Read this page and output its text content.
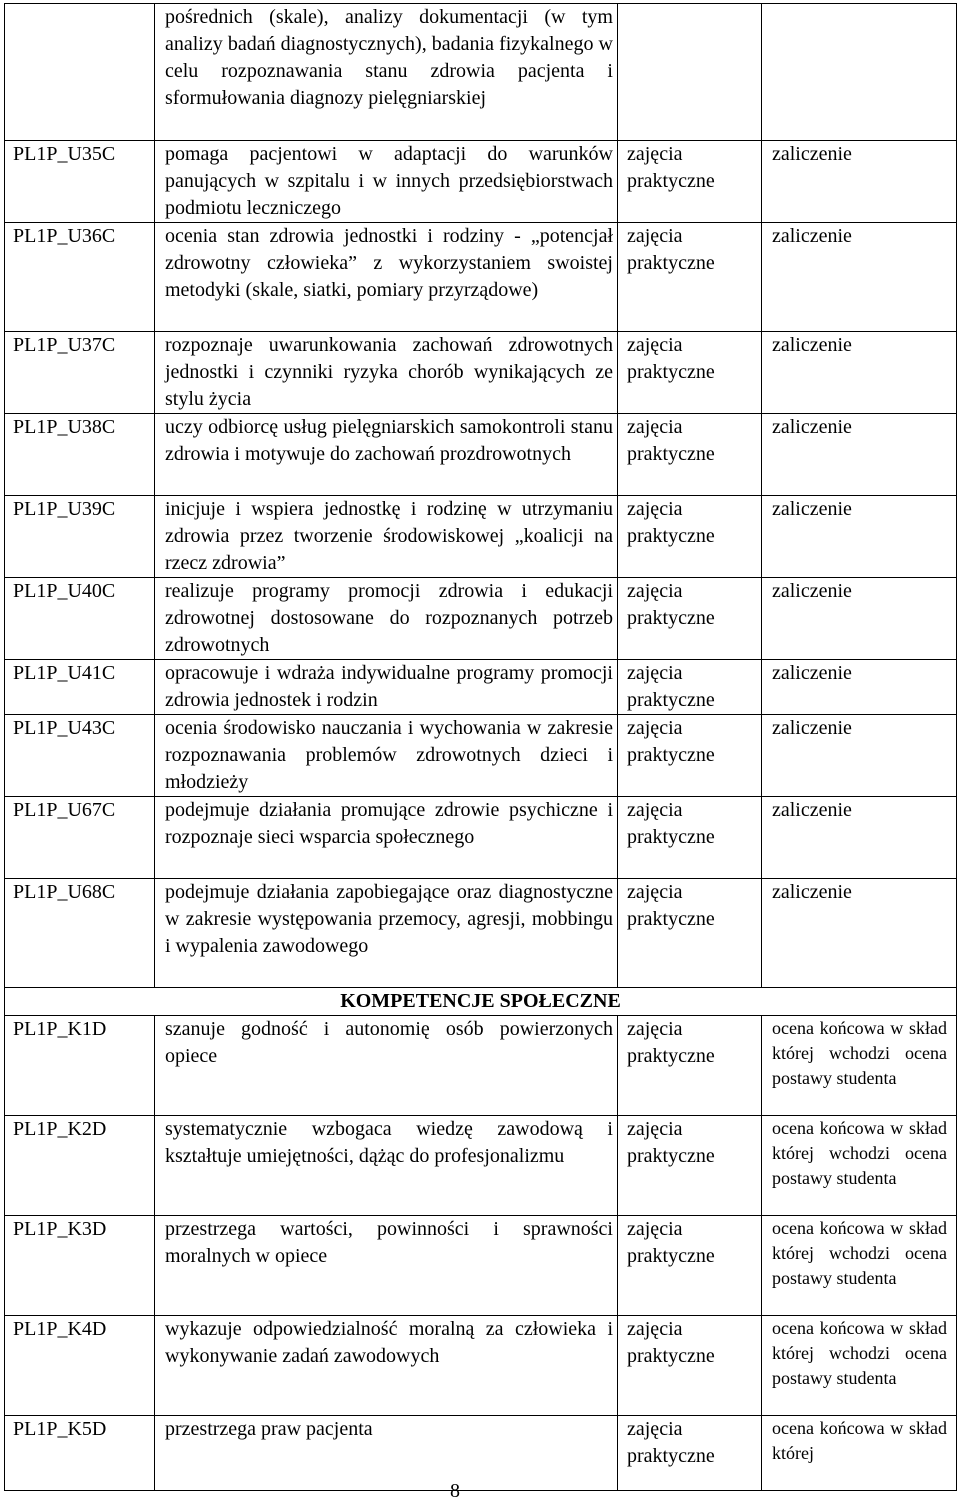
	pośrednich (skale), analizy dokumentacji (w tym analizy badań diagnostycznych), badania fizykalnego w celu rozpoznawania stanu zdrowia pacjenta i sformułowania diagnozy pielęgniarskiej		
PL1P_U35C	pomaga pacjentowi w adaptacji do warunków panujących w szpitalu i w innych przedsiębiorstwach podmiotu leczniczego	zajęcia praktyczne	zaliczenie
PL1P_U36C	ocenia stan zdrowia jednostki i rodziny - „potencjał zdrowotny człowieka” z wykorzystaniem swoistej metodyki (skale, siatki, pomiary przyrządowe)	zajęcia praktyczne	zaliczenie
PL1P_U37C	rozpoznaje uwarunkowania zachowań zdrowotnych jednostki i czynniki ryzyka chorób wynikających ze stylu życia	zajęcia praktyczne	zaliczenie
PL1P_U38C	uczy odbiorcę usług pielęgniarskich samokontroli stanu zdrowia i motywuje do zachowań prozdrowotnych	zajęcia praktyczne	zaliczenie
PL1P_U39C	inicjuje i wspiera jednostkę i rodzinę w utrzymaniu zdrowia przez tworzenie środowiskowej „koalicji na rzecz zdrowia”	zajęcia praktyczne	zaliczenie
PL1P_U40C	realizuje programy promocji zdrowia i edukacji zdrowotnej dostosowane do rozpoznanych potrzeb zdrowotnych	zajęcia praktyczne	zaliczenie
PL1P_U41C	opracowuje i wdraża indywidualne programy promocji zdrowia jednostek i rodzin	zajęcia praktyczne	zaliczenie
PL1P_U43C	ocenia środowisko nauczania i wychowania w zakresie rozpoznawania problemów zdrowotnych dzieci i młodzieży	zajęcia praktyczne	zaliczenie
PL1P_U67C	podejmuje działania promujące zdrowie psychiczne i rozpoznaje sieci wsparcia społecznego	zajęcia praktyczne	zaliczenie
PL1P_U68C	podejmuje działania zapobiegające oraz diagnostyczne w zakresie występowania przemocy, agresji, mobbingu i wypalenia zawodowego	zajęcia praktyczne	zaliczenie
KOMPETENCJE SPOŁECZNE			
PL1P_K1D	szanuje godność i autonomię osób powierzonych opiece	zajęcia praktyczne	ocena końcowa w skład której wchodzi ocena postawy studenta
PL1P_K2D	systematycznie wzbogaca wiedzę zawodową i kształtuje umiejętności, dążąc do profesjonalizmu	zajęcia praktyczne	ocena końcowa w skład której wchodzi ocena postawy studenta
PL1P_K3D	przestrzega wartości, powinności i sprawności moralnych w opiece	zajęcia praktyczne	ocena końcowa w skład której wchodzi ocena postawy studenta
PL1P_K4D	wykazuje odpowiedzialność moralną za człowieka i wykonywanie zadań zawodowych	zajęcia praktyczne	ocena końcowa w skład której wchodzi ocena postawy studenta
PL1P_K5D	przestrzega praw pacjenta	zajęcia praktyczne	ocena końcowa w skład której
8
